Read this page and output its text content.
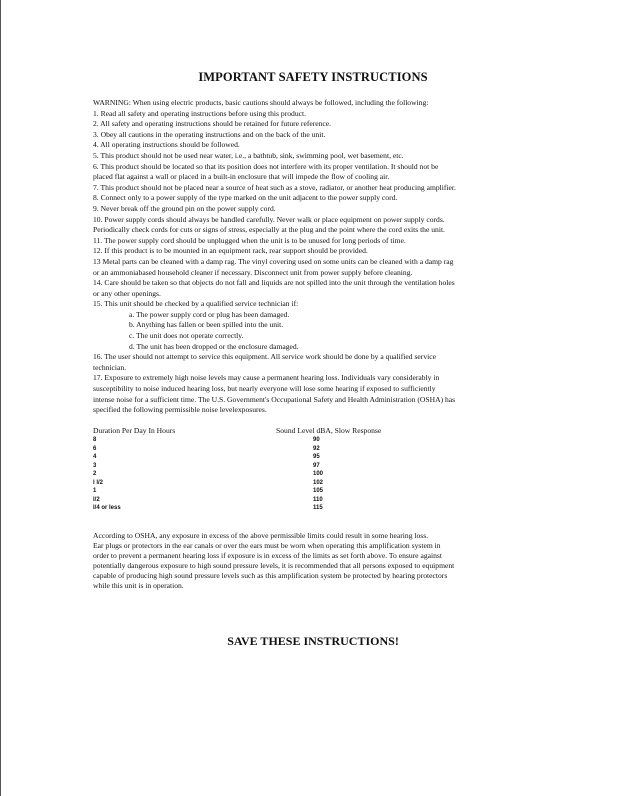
IMPORTANT SAFETY INSTRUCTIONS

WARNING: When using electric products, basic cautions should always be followed, including the following:

1. Read all safety and operating instructions before using this product.

2. All safety and operating instructions should be retained for future reference.

3. Obey all cautions in the operating instructions and on the back of the unit.

4. All operating instructions should be followed.

5. This product should not be used near water, i.e., a bathtub, sink, swimming pool, wet basement, etc.

6. This product should be located so that its position does not interfere with its proper ventilation. It should not be

placed flat against a wall or placed in a built-in enclosure that will impede the flow of cooling air.

7. This product should not be placed near a source of heat such as a stove, radiator, or another heat producing amplifier.

8. Connect only to a power supply of the type marked on the unit adjacent to the power supply cord.

9. Never break off the ground pin on the power supply cord.

10. Power supply cords should always be handled carefully. Never walk or place equipment on power supply cords.

Periodically check cords for cuts or signs of stress, especially at the plug and the point where the cord exits the unit.

11. The power supply cord should be unplugged when the unit is to be unused for long periods of time.

12. If this product is to be mounted in an equipment rack, rear support should be provided.

13 Metal parts can be cleaned with a damp rag. The vinyl covering used on some units can be cleaned with a damp rag

or an ammoniabased household cleaner if necessary. Disconnect unit from power supply before cleaning.

14. Care should be taken so that objects do not fall and liquids are not spilled into the unit through the ventilation holes

or any other openings.

15. This unit should be checked by a qualified service technician if:

a. The power supply cord or plug has been damaged.

b. Anything has fallen or been spilled into the unit.

c. The unit does not operate correctly.

d. The unit has been dropped or the enclosure damaged.

16. The user should not attempt to service this equipment. All service work should be done by a qualified service

technician.

17. Exposure to extremely high noise levels may cause a permanent hearing loss. Individuals vary considerably in

susceptibility to noise induced hearing loss, but nearly everyone will lose some hearing if exposed to sufficiently

intense noise for a sufficient time. The U.S. Government's Occupational Safety and Health Administration (OSHA) has

specified the following permissible noise levelexposures.

Duration Per Day In Hours	Sound Level dBA, Slow Response
8	90
6	92
4	95
3	97
2	100
l l/2	102
1	105
l/2	110
l/4 or less	115

According to OSHA, any exposure in excess of the above permissible limits could result in some hearing loss.

Ear plugs or protectors in the ear canals or over the ears must be worn when operating this amplification system in

order to prevent a permanent hearing loss if exposure is in excess of the limits as set forth above. To ensure against

potentially dangerous exposure to high sound pressure levels, it is recommended that all persons exposed to equipment

capable of producing high sound pressure levels such as this amplification system be protected by hearing protectors

while this unit is in operation.

SAVE THESE INSTRUCTIONS!
